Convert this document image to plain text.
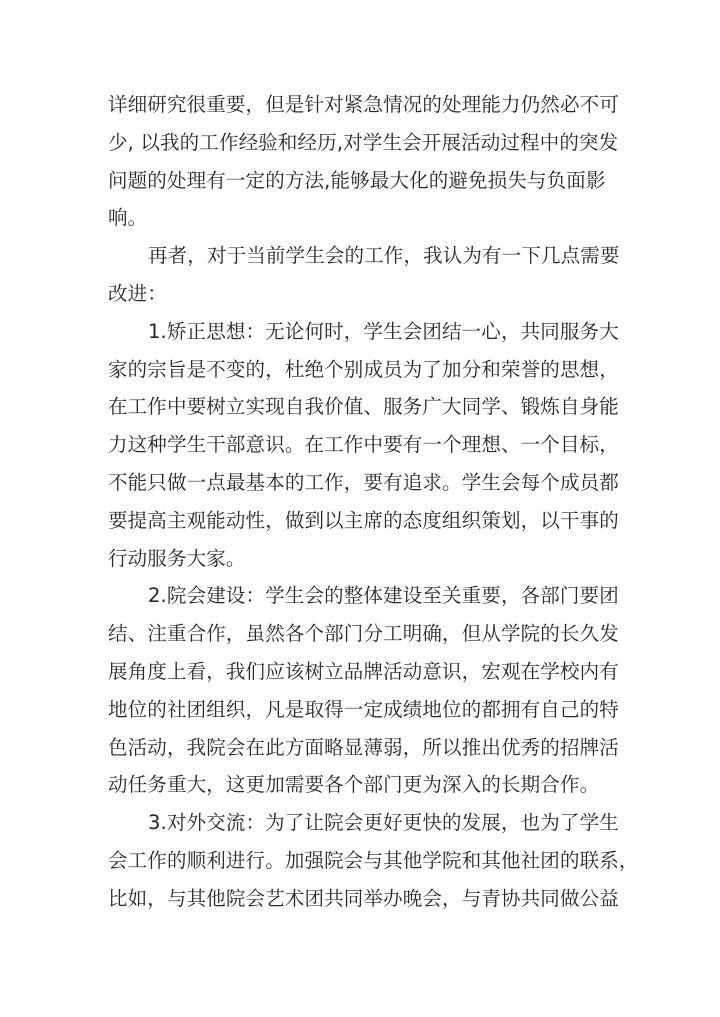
详细研究很重要，但是针对紧急情况的处理能力仍然必不可
少, 以我的工作经验和经历,对学生会开展活动过程中的突发
问题的处理有一定的方法,能够最大化的避免损失与负面影
响。
再者，对于当前学生会的工作，我认为有一下几点需要
改进：
1.矫正思想：无论何时，学生会团结一心，共同服务大
家的宗旨是不变的，杜绝个别成员为了加分和荣誉的思想，
在工作中要树立实现自我价值、服务广大同学、锻炼自身能
力这种学生干部意识。在工作中要有一个理想、一个目标，
不能只做一点最基本的工作，要有追求。学生会每个成员都
要提高主观能动性，做到以主席的态度组织策划，以干事的
行动服务大家。
2.院会建设：学生会的整体建设至关重要，各部门要团
结、注重合作，虽然各个部门分工明确，但从学院的长久发
展角度上看，我们应该树立品牌活动意识，宏观在学校内有
地位的社团组织，凡是取得一定成绩地位的都拥有自己的特
色活动，我院会在此方面略显薄弱，所以推出优秀的招牌活
动任务重大，这更加需要各个部门更为深入的长期合作。
3.对外交流：为了让院会更好更快的发展，也为了学生
会工作的顺利进行。加强院会与其他学院和其他社团的联系，
比如，与其他院会艺术团共同举办晚会，与青协共同做公益
